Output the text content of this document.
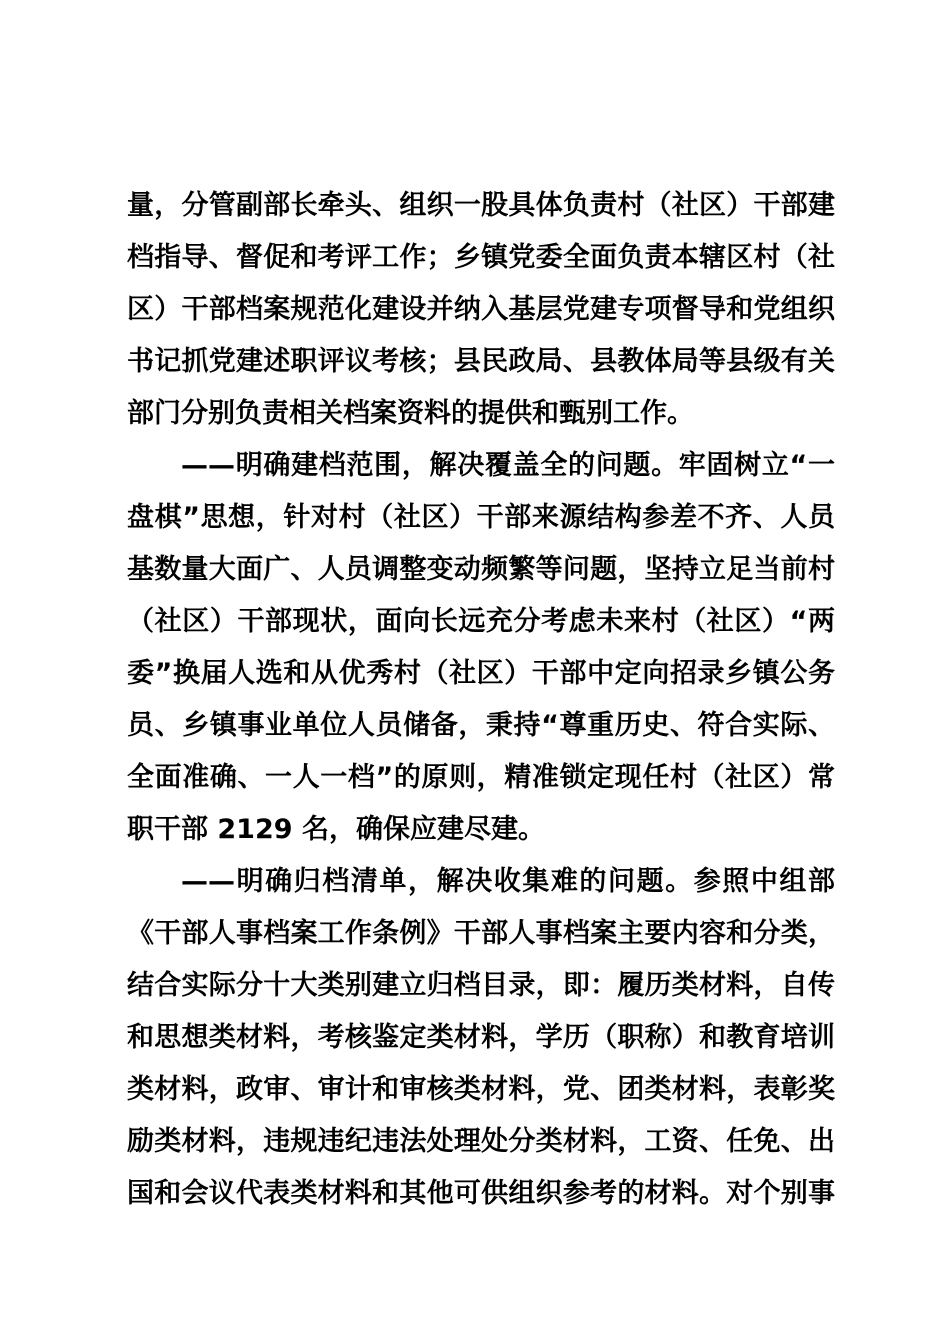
量，分管副部长牵头、组织一股具体负责村（社区）干部建
档指导、督促和考评工作；乡镇党委全面负责本辖区村（社
区）干部档案规范化建设并纳入基层党建专项督导和党组织
书记抓党建述职评议考核；县民政局、县教体局等县级有关
部门分别负责相关档案资料的提供和甄别工作。
——明确建档范围，解决覆盖全的问题。牢固树立“一
盘棋”思想，针对村（社区）干部来源结构参差不齐、人员
基数量大面广、人员调整变动频繁等问题，坚持立足当前村
（社区）干部现状，面向长远充分考虑未来村（社区）“两
委”换届人选和从优秀村（社区）干部中定向招录乡镇公务
员、乡镇事业单位人员储备，秉持“尊重历史、符合实际、
全面准确、一人一档”的原则，精准锁定现任村（社区）常
职干部 2129 名，确保应建尽建。
——明确归档清单，解决收集难的问题。参照中组部
《干部人事档案工作条例》干部人事档案主要内容和分类，
结合实际分十大类别建立归档目录，即：履历类材料，自传
和思想类材料，考核鉴定类材料，学历（职称）和教育培训
类材料，政审、审计和审核类材料，党、团类材料，表彰奖
励类材料，违规违纪违法处理处分类材料，工资、任免、出
国和会议代表类材料和其他可供组织参考的材料。对个别事
